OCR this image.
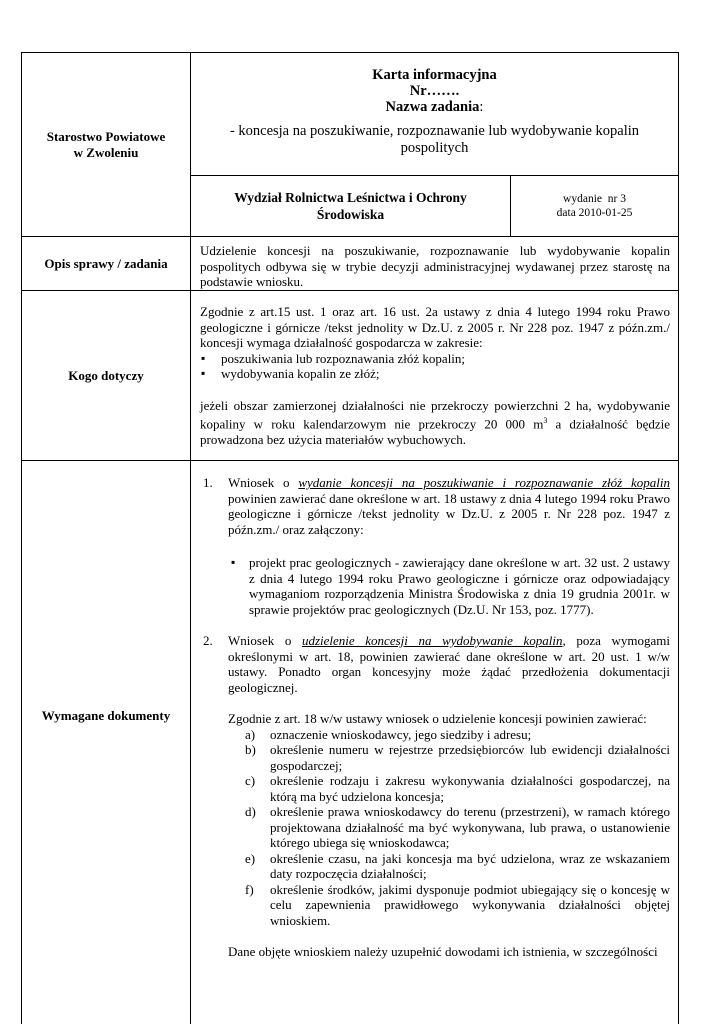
Starostwo Powiatowe w Zwoleniu
Karta informacyjna
Nr…….
Nazwa zadania:
- koncesja na poszukiwanie, rozpoznawanie lub wydobywanie kopalin pospolitych
Wydział Rolnictwa Leśnictwa i Ochrony Środowiska
wydanie  nr 3
data 2010-01-25
Opis sprawy / zadania

Udzielenie koncesji na poszukiwanie, rozpoznawanie lub wydobywanie kopalin pospolitych odbywa się w trybie decyzji administracyjnej wydawanej przez starostę na podstawie wniosku.

Kogo dotyczy

Zgodnie z art.15 ust. 1 oraz art. 16 ust. 2a ustawy z dnia 4 lutego 1994 roku Prawo geologiczne i górnicze /tekst jednolity w Dz.U. z 2005 r. Nr 228 poz. 1947 z późn.zm./ koncesji wymaga działalność gospodarcza w zakresie:

▪ poszukiwania lub rozpoznawania złóż kopalin;
▪ wydobywania kopalin ze złóż;

jeżeli obszar zamierzonej działalności nie przekroczy powierzchni 2 ha, wydobywanie kopaliny w roku kalendarzowym nie przekroczy 20 000 $m^3$ a działalność będzie prowadzona bez użycia materiałów wybuchowych.

Wymagane dokumenty
1. Wniosek o wydanie koncesji na poszukiwanie i rozpoznawanie złóż kopalin powinien zawierać dane określone w art. 18 ustawy z dnia 4 lutego 1994 roku Prawo geologiczne i górnicze /tekst jednolity w Dz.U. z 2005 r. Nr 228 poz. 1947 z późn.zm./ oraz załączony:

▪ projekt prac geologicznych - zawierający dane określone w art. 32 ust. 2 ustawy z dnia 4 lutego 1994 roku Prawo geologiczne i górnicze oraz odpowiadający wymaganiom rozporządzenia Ministra Środowiska z dnia 19 grudnia 2001r. w sprawie projektów prac geologicznych (Dz.U. Nr 153, poz. 1777).
2. Wniosek o udzielenie koncesji na wydobywanie kopalin, poza wymogami określonymi w art. 18, powinien zawierać dane określone w art. 20 ust. 1 w/w ustawy. Ponadto organ koncesyjny może żądać przedłożenia dokumentacji geologicznej.

Zgodnie z art. 18 w/w ustawy wniosek o udzielenie koncesji powinien zawierać:

a) oznaczenie wnioskodawcy, jego siedziby i adresu;
b) określenie numeru w rejestrze przedsiębiorców lub ewidencji działalności gospodarczej;
c) określenie rodzaju i zakresu wykonywania działalności gospodarczej, na którą ma być udzielona koncesja;
d) określenie prawa wnioskodawcy do terenu (przestrzeni), w ramach którego projektowana działalność ma być wykonywana, lub prawa, o ustanowienie którego ubiega się wnioskodawca;
e) określenie czasu, na jaki koncesja ma być udzielona, wraz ze wskazaniem daty rozpoczęcia działalności;
f) określenie środków, jakimi dysponuje podmiot ubiegający się o koncesję w celu zapewnienia prawidłowego wykonywania działalności objętej wnioskiem.

Dane objęte wnioskiem należy uzupełnić dowodami ich istnienia, w szczególności
